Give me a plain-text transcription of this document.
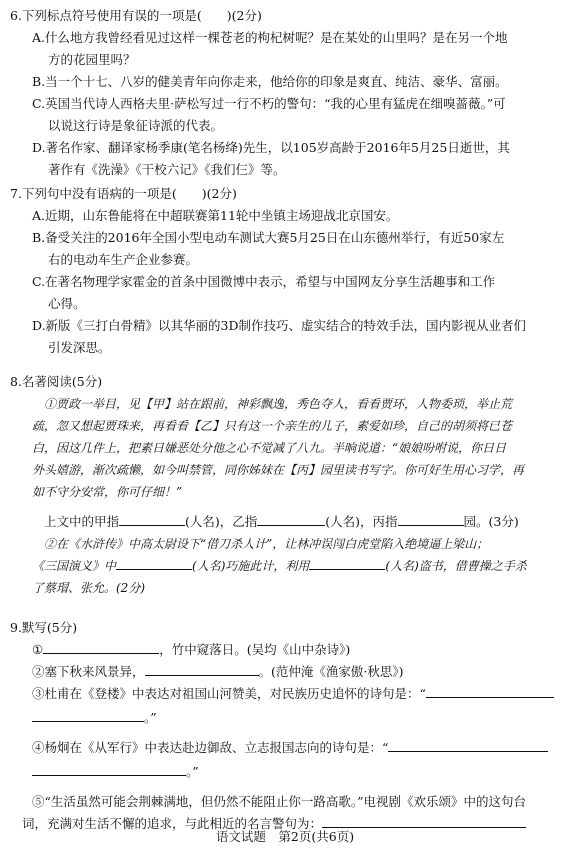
6.下列标点符号使用有误的一项是(　　)(2分)
A.什么地方我曾经看见过这样一棵苍老的枸杞树呢？是在某处的山里吗？是在另一个地
方的花园里吗？
B.当一个十七、八岁的健美青年向你走来，他给你的印象是爽直、纯洁、豪华、富丽。
C.英国当代诗人西格夫里·萨松写过一行不朽的警句：“我的心里有猛虎在细嗅蔷薇。”可
以说这行诗是象征诗派的代表。
D.著名作家、翻译家杨季康(笔名杨绛)先生，以105岁高龄于2016年5月25日逝世，其
著作有《洗澡》《干校六记》《我们仨》等。
7.下列句中没有语病的一项是(　　)(2分)
A.近期，山东鲁能将在中超联赛第11轮中坐镇主场迎战北京国安。
B.备受关注的2016年全国小型电动车测试大赛5月25日在山东德州举行，有近50家左
右的电动车生产企业参赛。
C.在著名物理学家霍金的首条中国微博中表示，希望与中国网友分享生活趣事和工作
心得。
D.新版《三打白骨精》以其华丽的3D制作技巧、虚实结合的特效手法，国内影视从业者们
引发深思。
8.名著阅读(5分)
①贾政一举目，见【甲】站在跟前，神彩飘逸，秀色夺人，看看贾环，人物委琐，举止荒
疏，忽又想起贾珠来，再看看【乙】只有这一个亲生的儿子，素爱如珍，自己的胡须将已苍
白，因这几件上，把素日嫌恶处分他之心不觉减了八九。半晌说道：“娘娘吩咐说，你日日
外头嬉游，渐次疏懒，如今叫禁管，同你姊妹在【丙】园里读书写字。你可好生用心习学，再
如不守分安常，你可仔细！”
上文中的甲指	(人名)，乙指	(人名)，丙指	园。(3分)
②在《水浒传》中高太尉设下“借刀杀人计”，让林冲误闯白虎堂陷入绝境逼上梁山；
《三国演义》中	(人名)巧施此计，利用	(人名)盗书，借曹操之手杀
了蔡瑁、张允。(2分)
9.默写(5分)
①	，竹中窥落日。(吴均《山中杂诗》)
②塞下秋来风景异，	。(范仲淹《渔家傲·秋思》)
③杜甫在《登楼》中表达对祖国山河赞美，对民族历史追怀的诗句是：“
。”
④杨炯在《从军行》中表达赴边御敌、立志报国志向的诗句是：“
。”
⑤“生活虽然可能会荆棘满地，但仍然不能阻止你一路高歌。”电视剧《欢乐颂》中的这句台
词，充满对生活不懈的追求，与此相近的名言警句为：
语文试题　第2页(共6页)
